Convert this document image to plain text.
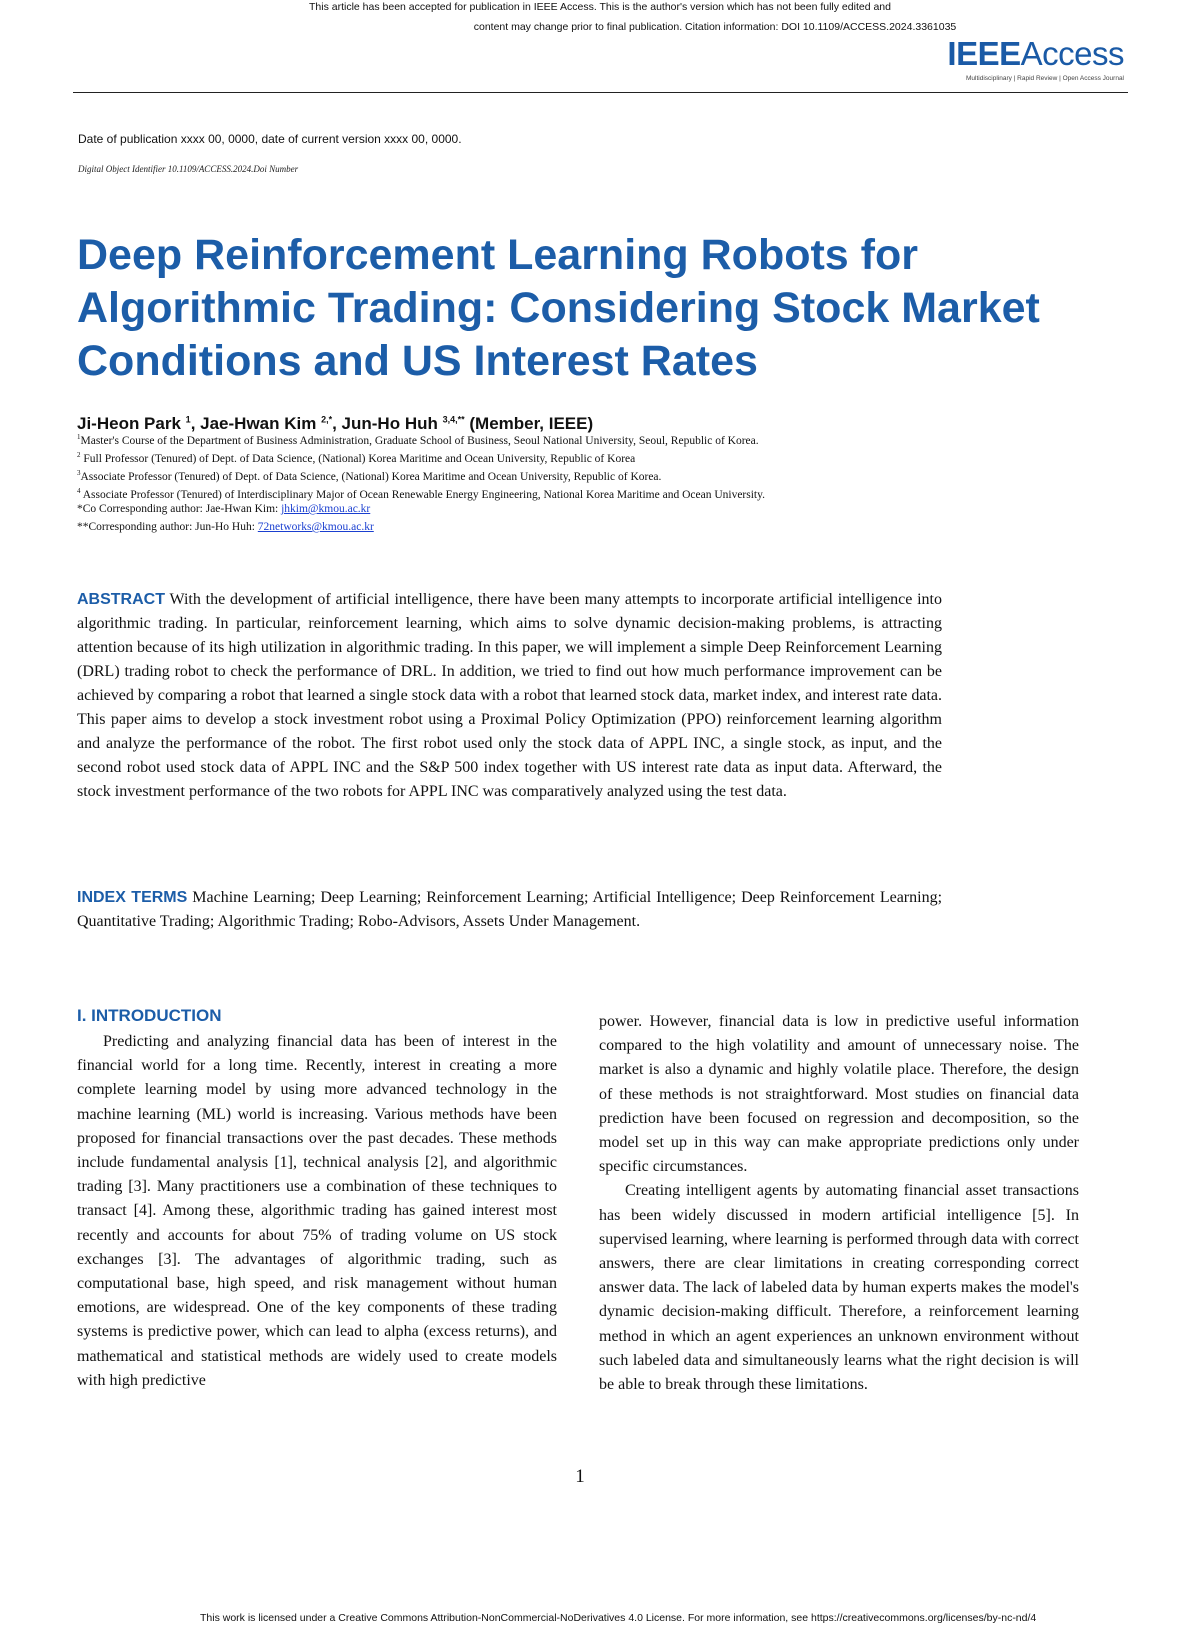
This article has been accepted for publication in IEEE Access. This is the author's version which has not been fully edited and
content may change prior to final publication. Citation information: DOI 10.1109/ACCESS.2024.3361035
IEEEAccess
Multidisciplinary | Rapid Review | Open Access Journal
Date of publication xxxx 00, 0000, date of current version xxxx 00, 0000.
Digital Object Identifier 10.1109/ACCESS.2024.Doi Number
Deep Reinforcement Learning Robots for Algorithmic Trading: Considering Stock Market Conditions and US Interest Rates
Ji-Heon Park $^1$, Jae-Hwan Kim $^{2,*}$, Jun-Ho Huh $^{3,4,**}$ (Member, IEEE)
$^1$Master's Course of the Department of Business Administration, Graduate School of Business, Seoul National University, Seoul, Republic of Korea.
$^2$ Full Professor (Tenured) of Dept. of Data Science, (National) Korea Maritime and Ocean University, Republic of Korea
$^3$Associate Professor (Tenured) of Dept. of Data Science, (National) Korea Maritime and Ocean University, Republic of Korea.
$^4$ Associate Professor (Tenured) of Interdisciplinary Major of Ocean Renewable Energy Engineering, National Korea Maritime and Ocean University.
*Co Corresponding author: Jae-Hwan Kim: jhkim@kmou.ac.kr
**Corresponding author: Jun-Ho Huh: 72networks@kmou.ac.kr

ABSTRACT With the development of artificial intelligence, there have been many attempts to incorporate artificial intelligence into algorithmic trading. In particular, reinforcement learning, which aims to solve dynamic decision-making problems, is attracting attention because of its high utilization in algorithmic trading. In this paper, we will implement a simple Deep Reinforcement Learning (DRL) trading robot to check the performance of DRL. In addition, we tried to find out how much performance improvement can be achieved by comparing a robot that learned a single stock data with a robot that learned stock data, market index, and interest rate data. This paper aims to develop a stock investment robot using a Proximal Policy Optimization (PPO) reinforcement learning algorithm and analyze the performance of the robot. The first robot used only the stock data of APPL INC, a single stock, as input, and the second robot used stock data of APPL INC and the S&P 500 index together with US interest rate data as input data. Afterward, the stock investment performance of the two robots for APPL INC was comparatively analyzed using the test data.

INDEX TERMS Machine Learning; Deep Learning; Reinforcement Learning; Artificial Intelligence; Deep Reinforcement Learning; Quantitative Trading; Algorithmic Trading; Robo-Advisors, Assets Under Management.

I. INTRODUCTION

Predicting and analyzing financial data has been of interest in the financial world for a long time. Recently, interest in creating a more complete learning model by using more advanced technology in the machine learning (ML) world is increasing. Various methods have been proposed for financial transactions over the past decades. These methods include fundamental analysis [1], technical analysis [2], and algorithmic trading [3]. Many practitioners use a combination of these techniques to transact [4]. Among these, algorithmic trading has gained interest most recently and accounts for about 75% of trading volume on US stock exchanges [3]. The advantages of algorithmic trading, such as computational base, high speed, and risk management without human emotions, are widespread. One of the key components of these trading systems is predictive power, which can lead to alpha (excess returns), and mathematical and statistical methods are widely used to create models with high predictive

power. However, financial data is low in predictive useful information compared to the high volatility and amount of unnecessary noise. The market is also a dynamic and highly volatile place. Therefore, the design of these methods is not straightforward. Most studies on financial data prediction have been focused on regression and decomposition, so the model set up in this way can make appropriate predictions only under specific circumstances.

Creating intelligent agents by automating financial asset transactions has been widely discussed in modern artificial intelligence [5]. In supervised learning, where learning is performed through data with correct answers, there are clear limitations in creating corresponding correct answer data. The lack of labeled data by human experts makes the model's dynamic decision-making difficult. Therefore, a reinforcement learning method in which an agent experiences an unknown environment without such labeled data and simultaneously learns what the right decision is will be able to break through these limitations.

1
This work is licensed under a Creative Commons Attribution-NonCommercial-NoDerivatives 4.0 License. For more information, see https://creativecommons.org/licenses/by-nc-nd/4
